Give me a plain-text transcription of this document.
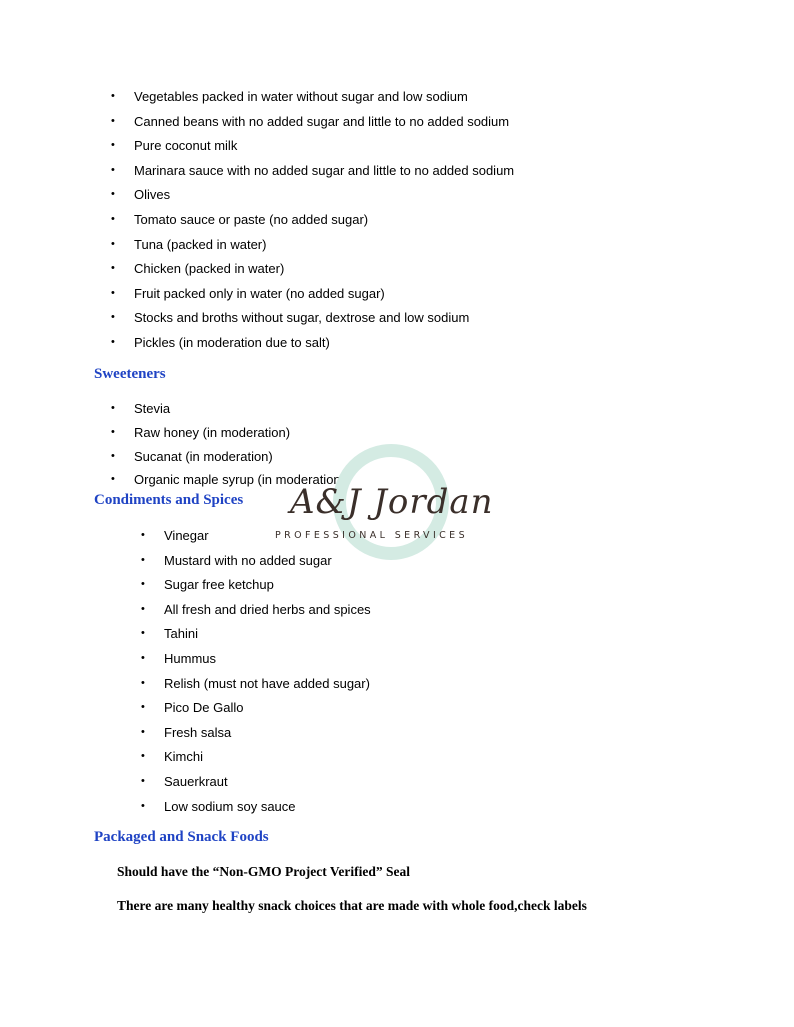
• Vegetables packed in water without sugar and low sodium
• Canned beans with no added sugar and little to no added sodium
• Pure coconut milk
• Marinara sauce with no added sugar and little to no added sodium
• Olives
• Tomato sauce or paste (no added sugar)
• Tuna (packed in water)
• Chicken (packed in water)
• Fruit packed only in water (no added sugar)
• Stocks and broths without sugar, dextrose and low sodium
• Pickles (in moderation due to salt)
Sweeteners
• Stevia
• Raw honey (in moderation)
• Sucanat (in moderation)
• Organic maple syrup (in moderation)
A&J Jordan
PROFESSIONAL SERVICES
Condiments and Spices
• Vinegar
• Mustard with no added sugar
• Sugar free ketchup
• All fresh and dried herbs and spices
• Tahini
• Hummus
• Relish (must not have added sugar)
• Pico De Gallo
• Fresh salsa
• Kimchi
• Sauerkraut
• Low sodium soy sauce
Packaged and Snack Foods
Should have the “Non-GMO Project Verified” Seal
There are many healthy snack choices that are made with whole food,check labels
